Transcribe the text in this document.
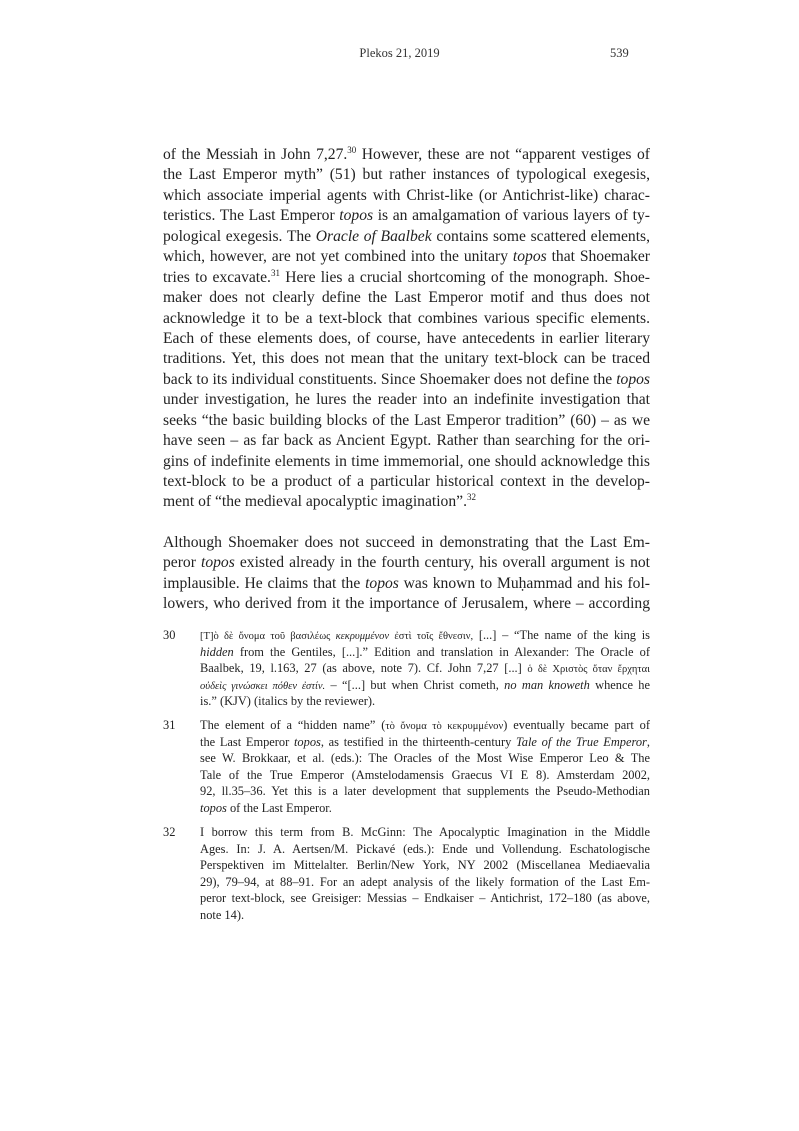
Plekos 21, 2019	539
of the Messiah in John 7,27.30 However, these are not “apparent vestiges of
the Last Emperor myth” (51) but rather instances of typological exegesis,
which associate imperial agents with Christ-like (or Antichrist-like) charac-
teristics. The Last Emperor topos is an amalgamation of various layers of ty-
pological exegesis. The Oracle of Baalbek contains some scattered elements,
which, however, are not yet combined into the unitary topos that Shoemaker
tries to excavate.$^{31}$ Here lies a crucial shortcoming of the monograph. Shoe-
maker does not clearly define the Last Emperor motif and thus does not
acknowledge it to be a text-block that combines various specific elements.
Each of these elements does, of course, have antecedents in earlier literary
traditions. Yet, this does not mean that the unitary text-block can be traced
back to its individual constituents. Since Shoemaker does not define the topos
under investigation, he lures the reader into an indefinite investigation that
seeks “the basic building blocks of the Last Emperor tradition” (60) – as we
have seen – as far back as Ancient Egypt. Rather than searching for the ori-
gins of indefinite elements in time immemorial, one should acknowledge this
text-block to be a product of a particular historical context in the develop-
ment of “the medieval apocalyptic imagination”.$^{32}$
Although Shoemaker does not succeed in demonstrating that the Last Em-
peror topos existed already in the fourth century, his overall argument is not
implausible. He claims that the topos was known to Muḥammad and his fol-
lowers, who derived from it the importance of Jerusalem, where – according
30 [T]ὸ δὲ ὄνομα τοῦ βασιλέως κεκρυμμένον ἐστὶ τοῖς ἔθνεσιν, [...] – “The name of the king is
hidden from the Gentiles, [...].” Edition and translation in Alexander: The Oracle of
Baalbek, 19, l.163, 27 (as above, note 7). Cf. John 7,27 [...] ὁ δὲ Χριστὸς ὅταν ἔρχηται
οὐδεὶς γινώσκει πόθεν ἐστίν. – “[...] but when Christ cometh, no man knoweth whence he
is.” (KJV) (italics by the reviewer).
31 The element of a “hidden name” (τὸ ὄνομα τὸ κεκρυμμένον) eventually became part of
the Last Emperor topos, as testified in the thirteenth-century Tale of the True Emperor,
see W. Brokkaar, et al. (eds.): The Oracles of the Most Wise Emperor Leo & The
Tale of the True Emperor (Amstelodamensis Graecus VI E 8). Amsterdam 2002,
92, ll.35–36. Yet this is a later development that supplements the Pseudo-Methodian
topos of the Last Emperor.
32 I borrow this term from B. McGinn: The Apocalyptic Imagination in the Middle
Ages. In: J. A. Aertsen/M. Pickavé (eds.): Ende und Vollendung. Eschatologische
Perspektiven im Mittelalter. Berlin/New York, NY 2002 (Miscellanea Mediaevalia
29), 79–94, at 88–91. For an adept analysis of the likely formation of the Last Em-
peror text-block, see Greisiger: Messias – Endkaiser – Antichrist, 172–180 (as above,
note 14).
